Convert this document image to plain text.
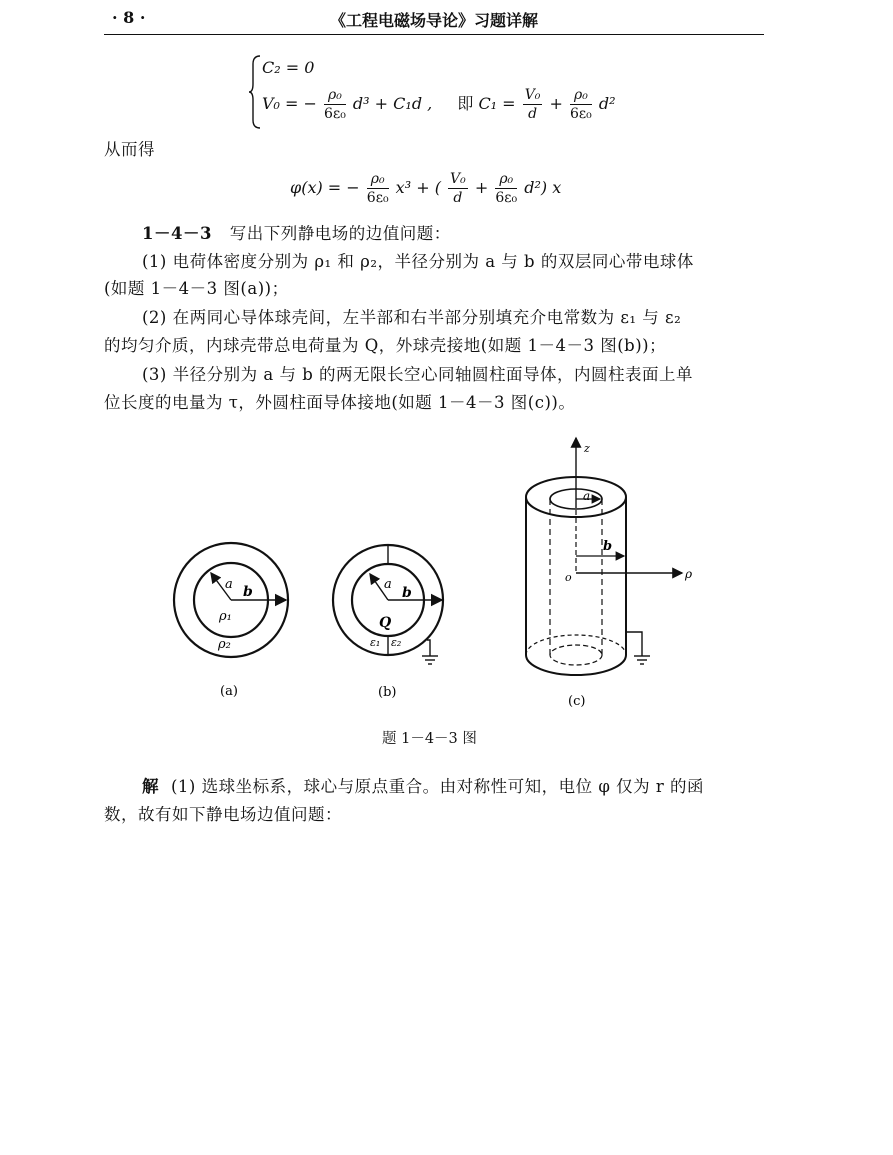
· 8 ·	《工程电磁场导论》习题详解
C₂ = 0
V₀ = − $\frac{\text{ρ₀}}{\text{6ε₀}} d^3 + C_1d$ , 即 $C_1 = \frac{\text{V₀}}{d} + \frac{\text{ρ₀}}{\text{6ε₀}} d^2$
从而得
φ(x) = − $\frac{\text{ρ₀}}{\text{6ε₀}} x^3$ + ( $\frac{\text{V₀}}{d} + \frac{\text{ρ₀}}{\text{6ε₀}} d^2$) x
1－4－3 写出下列静电场的边值问题：
(1) 电荷体密度分别为 ρ₁ 和 ρ₂，半径分别为 a 与 b 的双层同心带电球体
(如题 1－4－3 图(a))；
(2) 在两同心导体球壳间，左半部和右半部分别填充介电常数为 ε₁ 与 ε₂
的均匀介质，内球壳带总电荷量为 Q，外球壳接地(如题 1－4－3 图(b))；
(3) 半径分别为 a 与 b 的两无限长空心同轴圆柱面导体，内圆柱表面上单
位长度的电量为 τ，外圆柱面导体接地(如题 1－4－3 图(c))。
a b
ρ₁
ρ₂
(a)
a
b
Q
ε₁ ε₂
(b)
z
a
b
ρ
o
(c)
题 1－4－3 图
解 (1) 选球坐标系，球心与原点重合。由对称性可知，电位 φ 仅为 r 的函
数，故有如下静电场边值问题：
